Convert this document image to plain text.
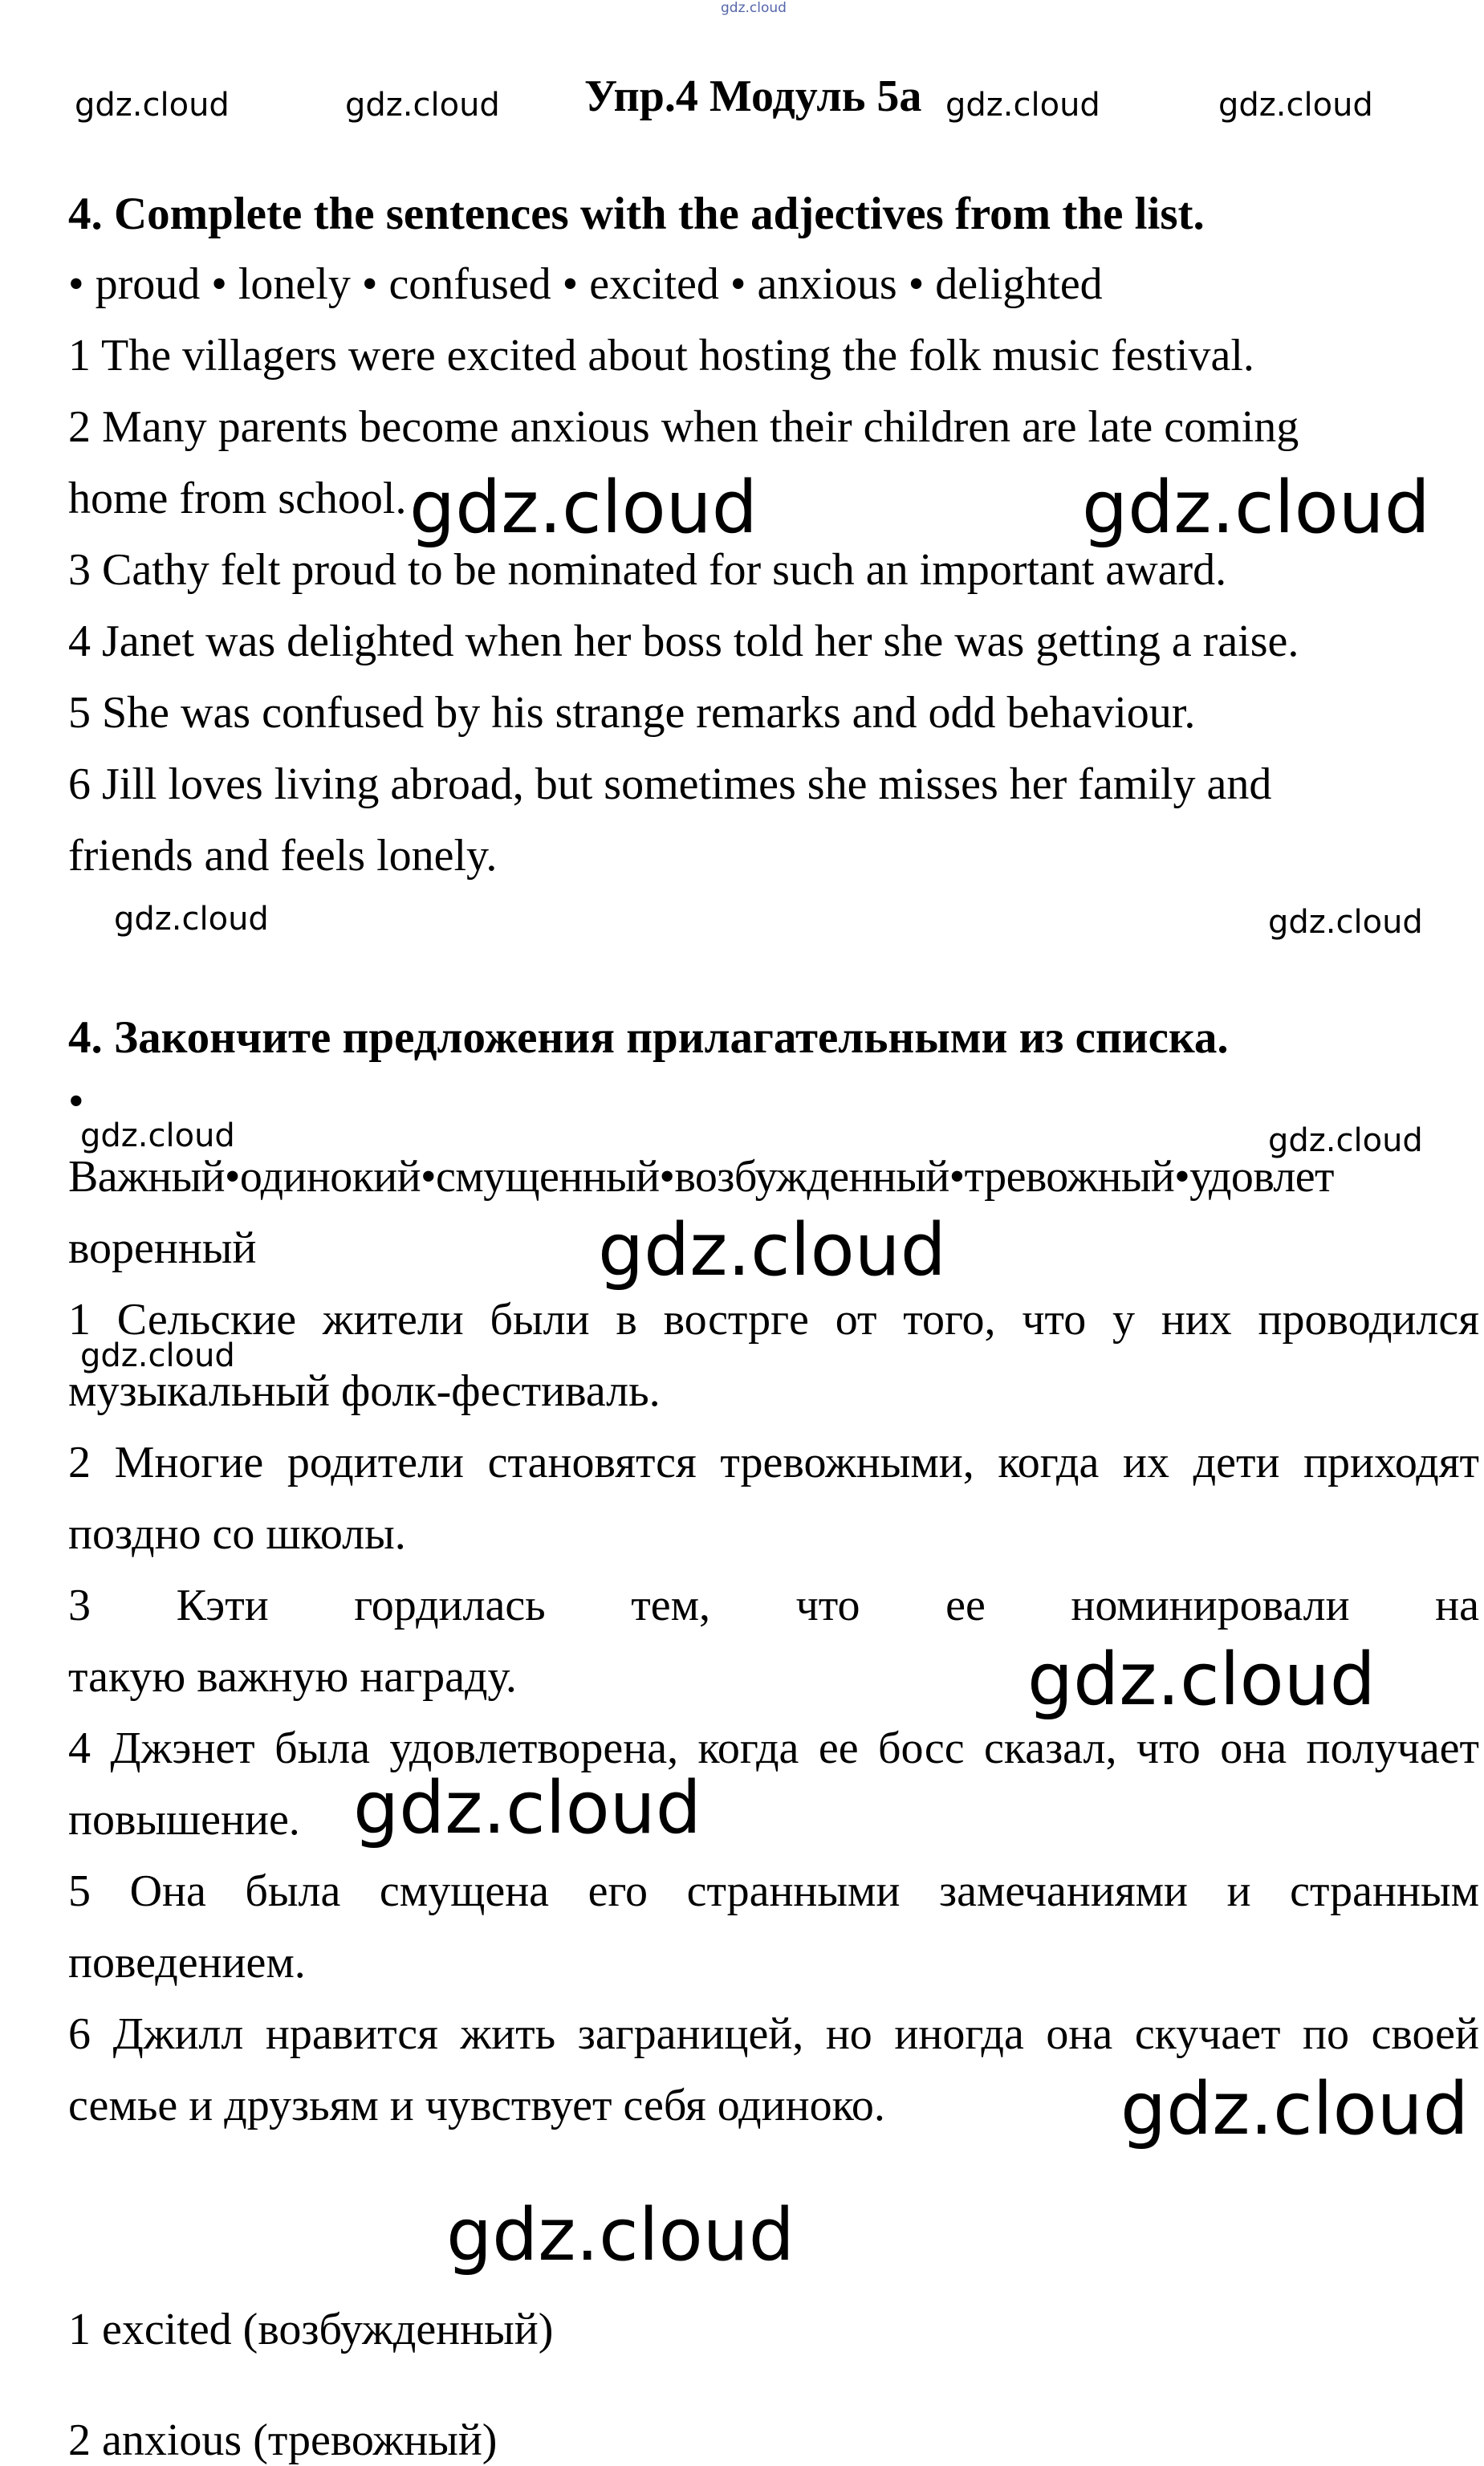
gdz.cloud
gdz.cloud	gdz.cloud Упр.4 Модуль 5а gdz.cloud	gdz.cloud
4. Complete the sentences with the adjectives from the list.
• proud • lonely • confused • excited • anxious • delighted
1 The villagers were excited about hosting the folk music festival.
2 Many parents become anxious when their children are late coming
home from school.
3 Cathy felt proud to be nominated for such an important award.
4 Janet was delighted when her boss told her she was getting a raise.
5 She was confused by his strange remarks and odd behaviour.
6 Jill loves living abroad, but sometimes she misses her family and
friends and feels lonely.
gdz.cloud	gdz.cloud
gdz.cloud	gdz.cloud
4. Закончите предложения прилагательными из списка.
•
gdz.cloud	gdz.cloud
Важный•одинокий•смущенный•возбужденный•тревожный•удовлет
воренный	gdz.cloud
1 Сельские жители были в востргe от того, что у них проводился
gdz.cloud
музыкальный фолк-фестиваль.
2 Многие родители становятся тревожными, когда их дети приходят
поздно со школы.
3 Кэти гордилась тем, что ее номинировали на
такую важную награду.	gdz.cloud
4 Джэнет была удовлетворена, когда ее босс сказал, что она получает
повышение. gdz.cloud
5 Она была смущена его странными замечаниями и странным
поведением.
6 Джилл нравится жить заграницей, но иногда она скучает по своей
семье и друзьям и чувствует себя одиноко.	gdz.cloud
gdz.cloud
1 excited (возбужденный)
2 anxious (тревожный)
